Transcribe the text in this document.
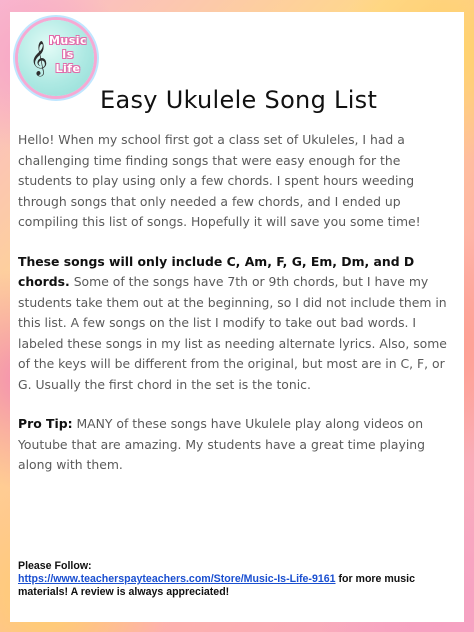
𝄞
Music
Is
Life
Easy Ukulele Song List

Hello! When my school first got a class set of Ukuleles, I had a challenging time finding songs that were easy enough for the students to play using only a few chords. I spent hours weeding through songs that only needed a few chords, and I ended up compiling this list of songs. Hopefully it will save you some time!

These songs will only include C, Am, F, G, Em, Dm, and D chords. Some of the songs have 7th or 9th chords, but I have my students take them out at the beginning, so I did not include them in this list. A few songs on the list I modify to take out bad words. I labeled these songs in my list as needing alternate lyrics. Also, some of the keys will be different from the original, but most are in C, F, or G. Usually the first chord in the set is the tonic.

Pro Tip: MANY of these songs have Ukulele play along videos on Youtube that are amazing. My students have a great time playing along with them.

Please Follow:
https://www.teacherspayteachers.com/Store/Music-Is-Life-9161 for more music materials! A review is always appreciated!
